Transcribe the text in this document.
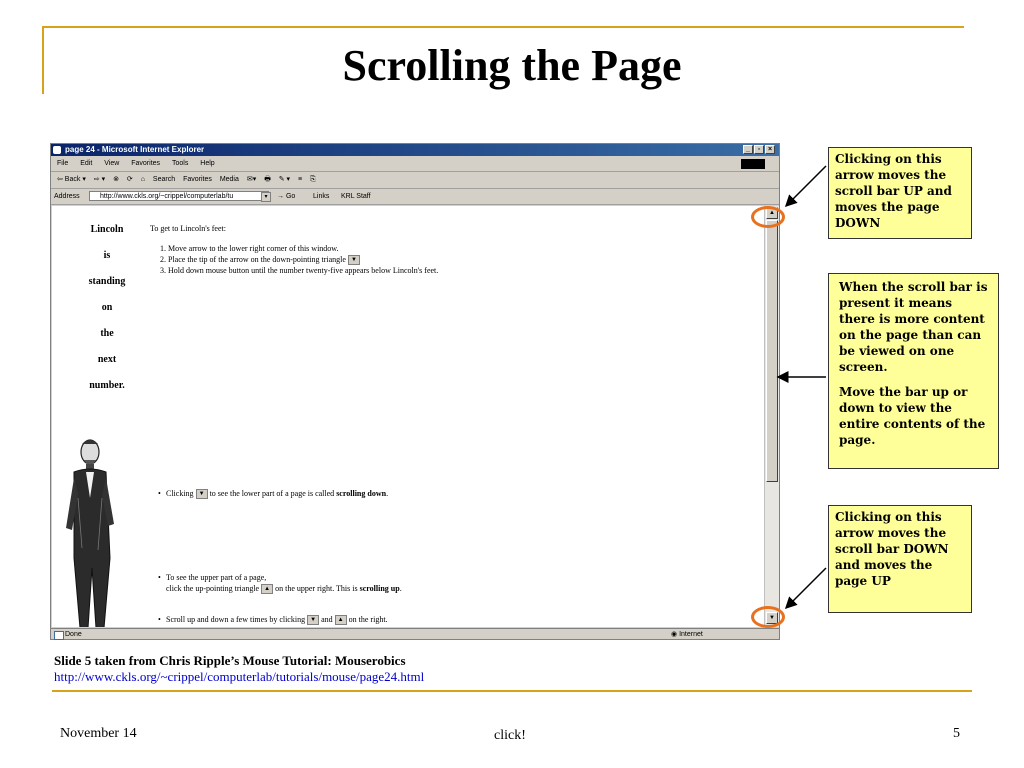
Scrolling the Page
page 24 - Microsoft Internet Explorer	_	▫	×
File Edit View Favorites Tools Help
⇦ Back ▾ ⇨ ▾ ⊗ ⟳ ⌂ Search Favorites Media ✉▾ 🖶 ✎ ▾ ≡ ⎘
Address	http://www.ckls.org/~crippel/computerlab/tu	▾	→ Go	Links KRL Staff
Lincoln
is
standing
on
the
next
number.
To get to Lincoln's feet:
1. Move arrow to the lower right corner of this window.
2. Place the tip of the arrow on the down-pointing triangle ▼
3. Hold down mouse button until the number twenty-five appears below Lincoln's feet.
• Clicking ▼ to see the lower part of a page is called scrolling down.
• To see the upper part of a page,
click the up-pointing triangle ▲ on the upper right. This is scrolling up.
• Scroll up and down a few times by clicking ▼ and ▲ on the right.
▲
▼
Done	◉ Internet

Clicking on this arrow moves the scroll bar UP and moves the page DOWN

When the scroll bar is present it means there is more content on the page than can be viewed on one screen.

Move the bar up or down to view the entire contents of the page.

Clicking on this arrow moves the scroll bar DOWN and moves the page UP

Slide 5 taken from Chris Ripple’s Mouse Tutorial: Mouserobics
http://www.ckls.org/~crippel/computerlab/tutorials/mouse/page24.html
November 14	click!	5
